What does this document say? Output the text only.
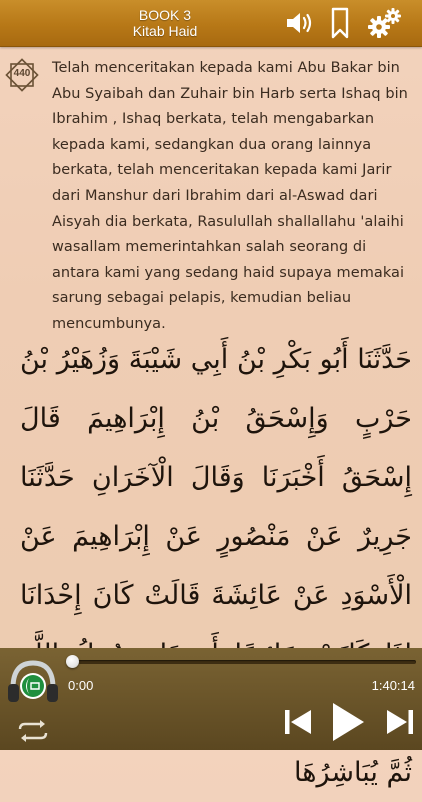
BOOK 3
Kitab Haid
440	Telah menceritakan kepada kami Abu Bakar bin Abu Syaibah dan Zuhair bin Harb serta Ishaq bin Ibrahim , Ishaq berkata, telah mengabarkan kepada kami, sedangkan dua orang lainnya berkata, telah menceritakan kepada kami Jarir dari Manshur dari Ibrahim dari al-Aswad dari Aisyah dia berkata, Rasulullah shallallahu 'alaihi wasallam memerintahkan salah seorang di antara kami yang sedang haid supaya memakai sarung sebagai pelapis, kemudian beliau mencumbunya.
حَدَّثَنَا أَبُو بَكْرِ بْنُ أَبِي شَيْبَةَ وَزُهَيْرُ بْنُ حَرْبٍ وَإِسْحَقُ بْنُ إِبْرَاهِيمَ قَالَ إِسْحَقُ أَخْبَرَنَا وَقَالَ الْآخَرَانِ حَدَّثَنَا جَرِيرٌ عَنْ مَنْصُورٍ عَنْ إِبْرَاهِيمَ عَنْ الْأَسْوَدِ عَنْ عَائِشَةَ قَالَتْ كَانَ إِحْدَانَا ثُمَّ يُبَاشِرُهَا
0:00	1:40:14
